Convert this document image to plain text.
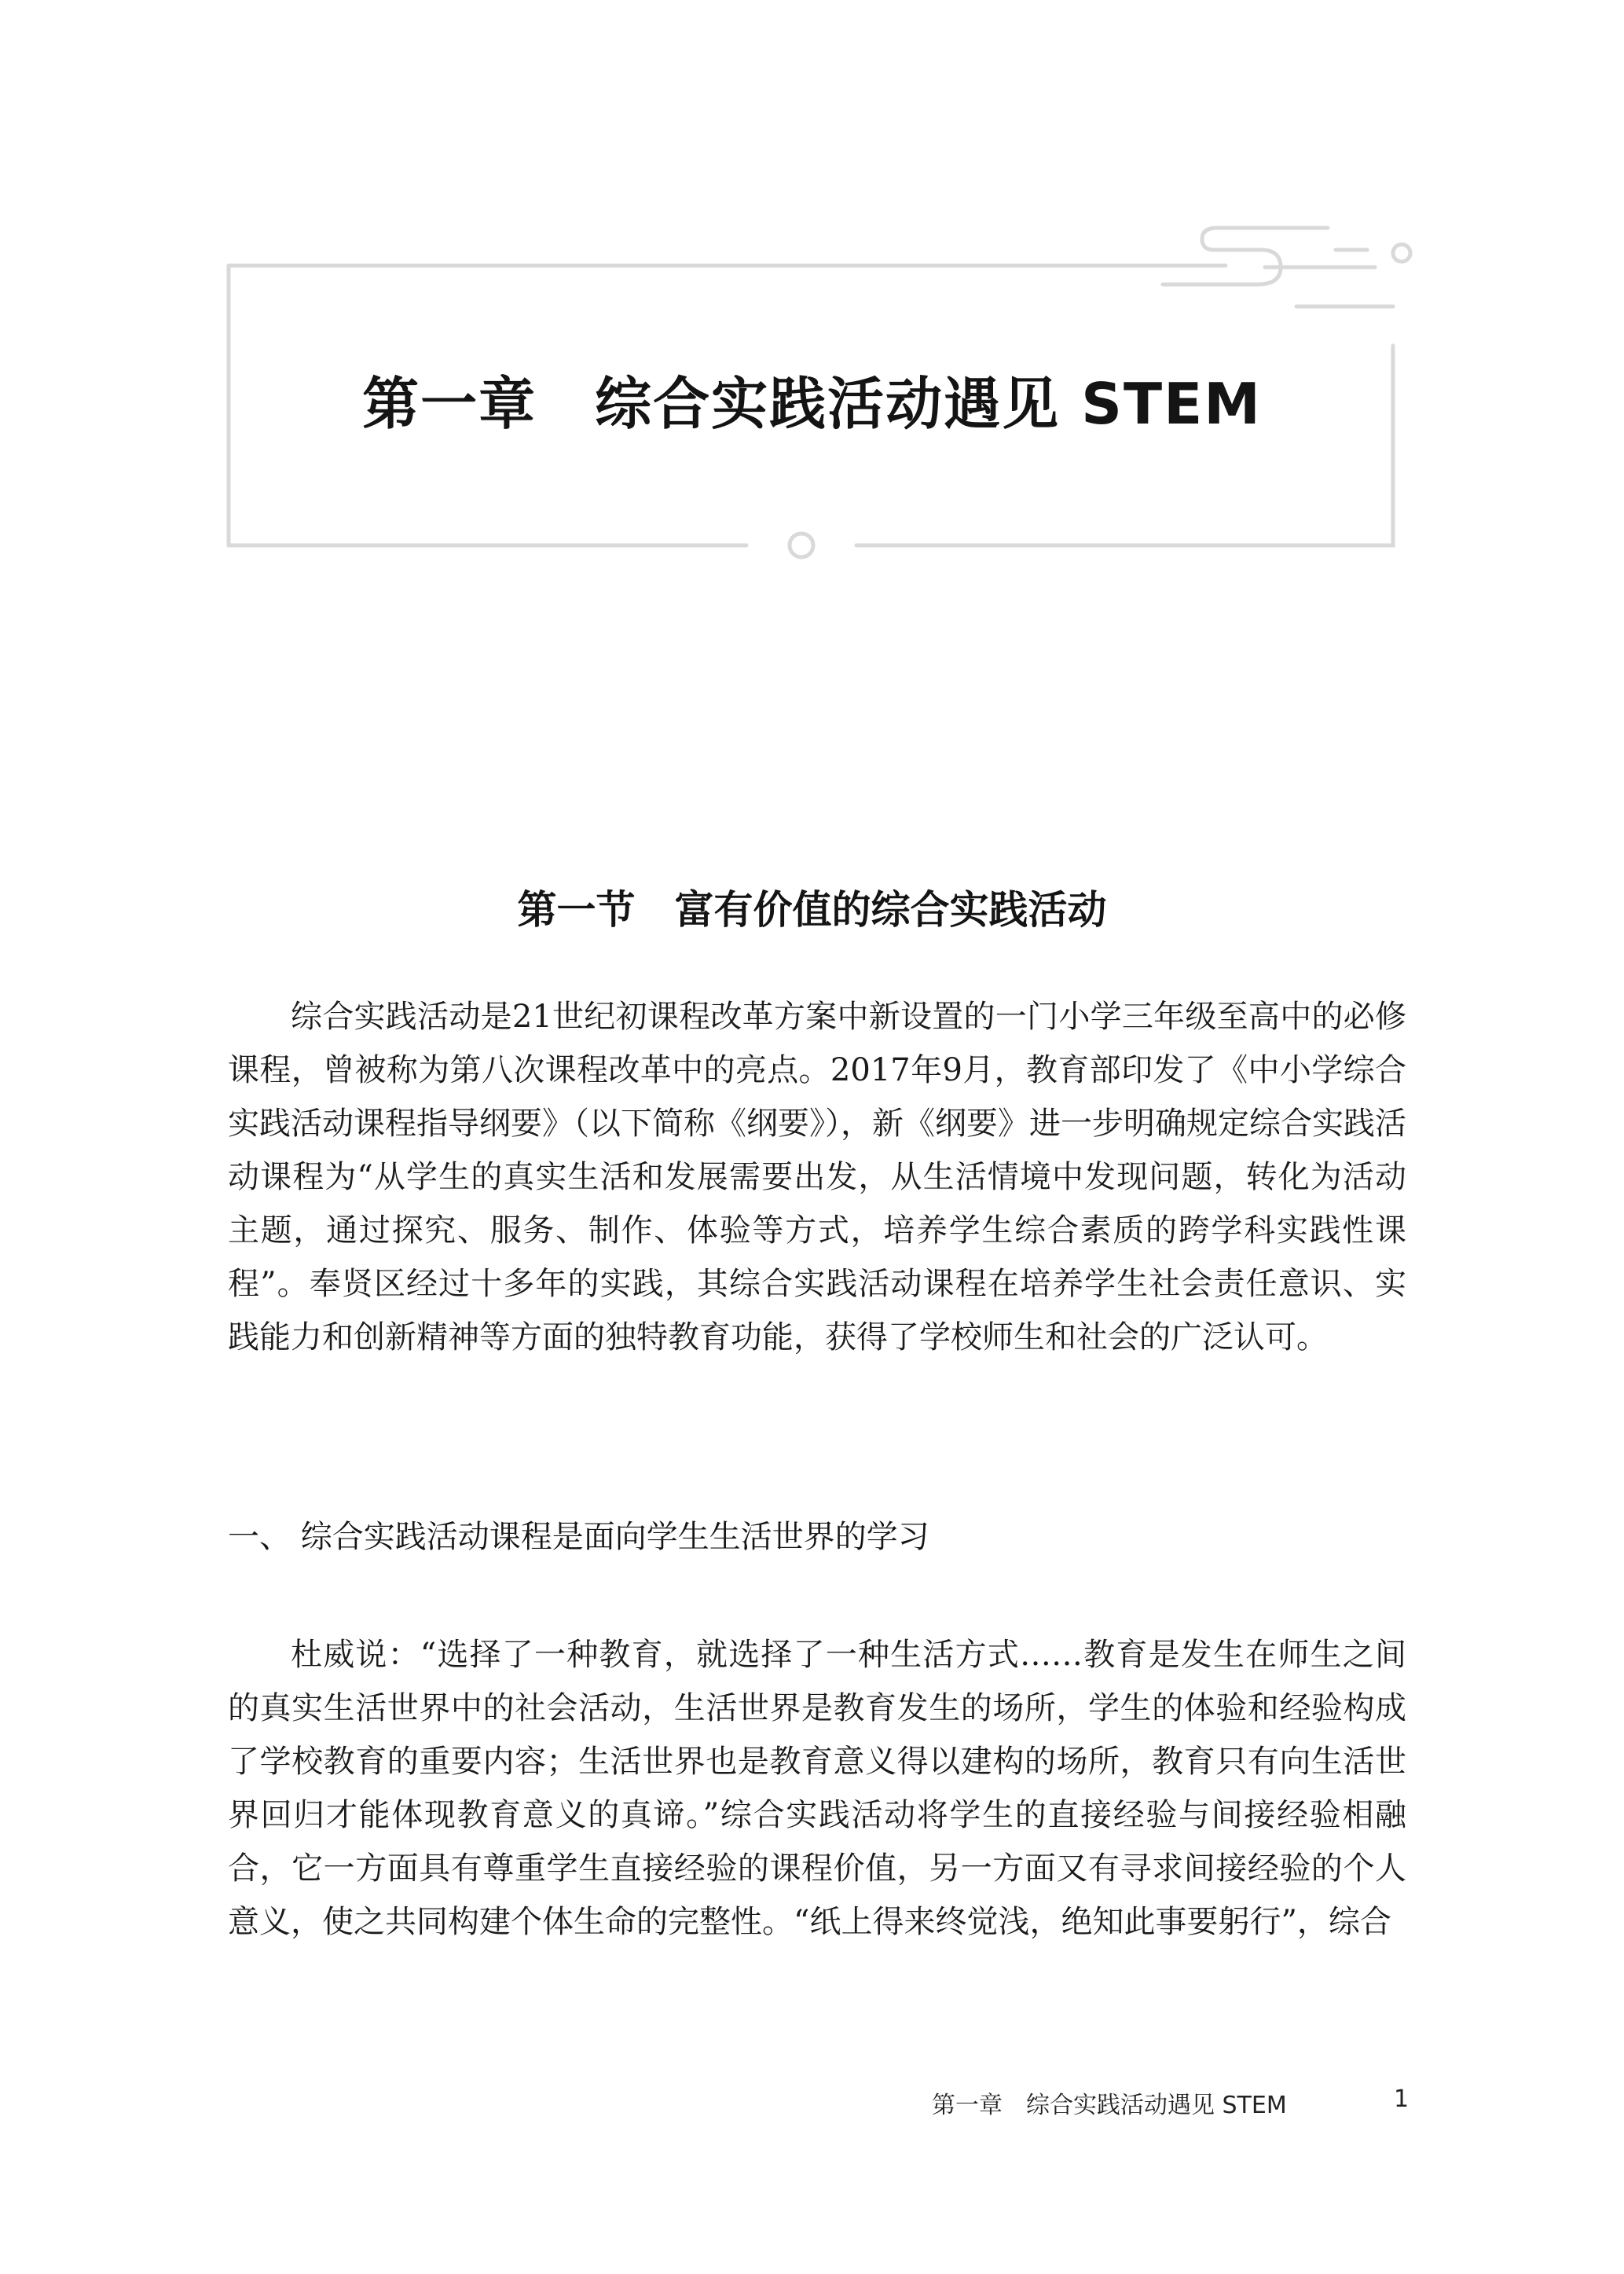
第一章　综合实践活动遇见 STEM
第一节　富有价值的综合实践活动

综合实践活动是21世纪初课程改革方案中新设置的一门小学三年级至高中的必修课程，曾被称为第八次课程改革中的亮点。2017年9月，教育部印发了《中小学综合实践活动课程指导纲要》（以下简称《纲要》），新《纲要》进一步明确规定综合实践活动课程为“从学生的真实生活和发展需要出发，从生活情境中发现问题，转化为活动主题，通过探究、服务、制作、体验等方式，培养学生综合素质的跨学科实践性课程”。奉贤区经过十多年的实践，其综合实践活动课程在培养学生社会责任意识、实践能力和创新精神等方面的独特教育功能，获得了学校师生和社会的广泛认可。

一、 综合实践活动课程是面向学生生活世界的学习

杜威说：“选择了一种教育，就选择了一种生活方式……教育是发生在师生之间的真实生活世界中的社会活动，生活世界是教育发生的场所，学生的体验和经验构成了学校教育的重要内容；生活世界也是教育意义得以建构的场所，教育只有向生活世界回归才能体现教育意义的真谛。”综合实践活动将学生的直接经验与间接经验相融合，它一方面具有尊重学生直接经验的课程价值，另一方面又有寻求间接经验的个人意义，使之共同构建个体生命的完整性。“纸上得来终觉浅，绝知此事要躬行”，综合

第一章　综合实践活动遇见 STEM	1
